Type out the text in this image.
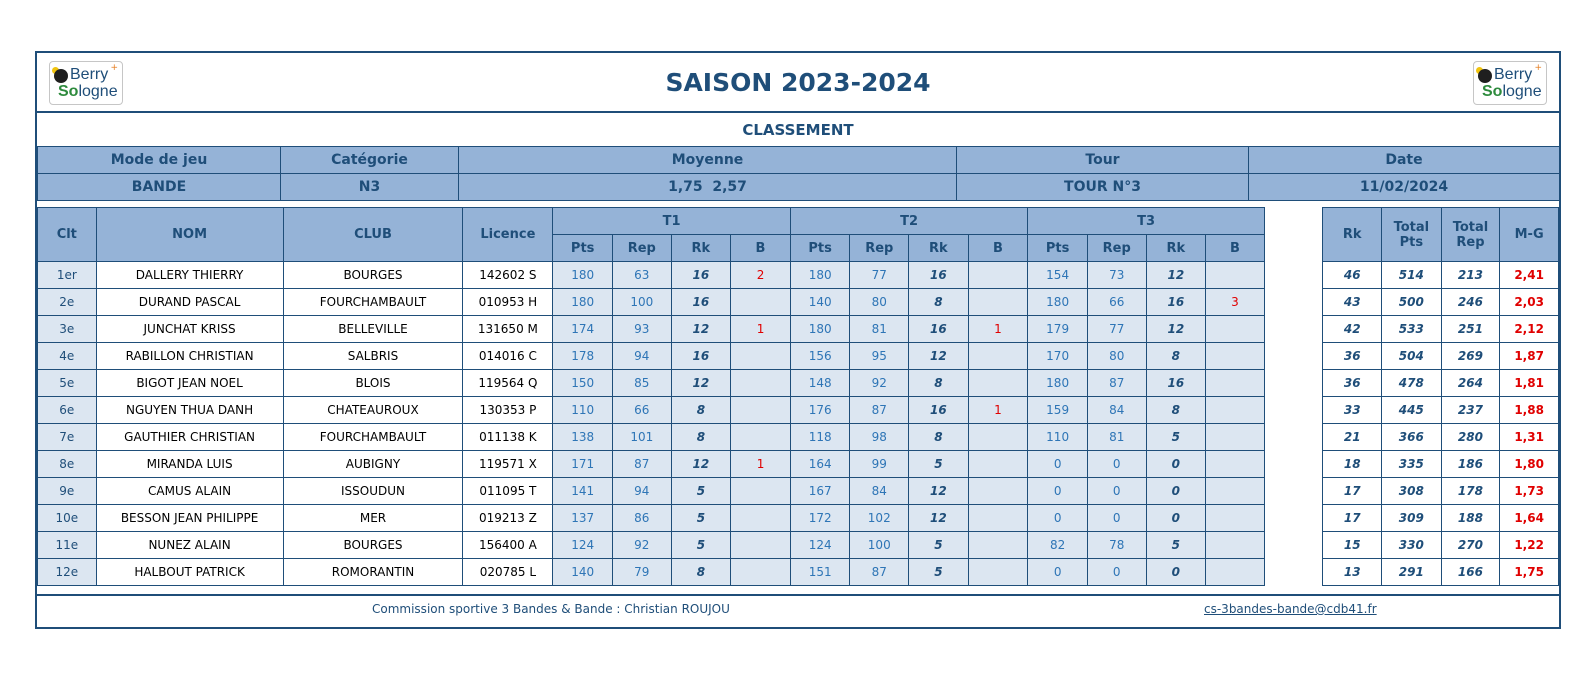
Berry
Sologne
+	SAISON 2023-2024	Berry
Sologne
+
CLASSEMENT
Mode de jeu	Catégorie	Moyenne	Tour	Date
BANDE	N3	1,75  2,57	TOUR N°3	11/02/2024
Clt	NOM	CLUB	Licence	T1				T2				T3					Rk	Total Pts	Total Rep	M-G
				Pts	Rep	Rk	B	Pts	Rep	Rk	B	Pts	Rep	Rk	B					
1er	DALLERY THIERRY	BOURGES	142602 S	180	63	16	2	180	77	16		154	73	12			46	514	213	2,41
2e	DURAND PASCAL	FOURCHAMBAULT	010953 H	180	100	16		140	80	8		180	66	16	3		43	500	246	2,03
3e	JUNCHAT KRISS	BELLEVILLE	131650 M	174	93	12	1	180	81	16	1	179	77	12			42	533	251	2,12
4e	RABILLON CHRISTIAN	SALBRIS	014016 C	178	94	16		156	95	12		170	80	8			36	504	269	1,87
5e	BIGOT JEAN NOEL	BLOIS	119564 Q	150	85	12		148	92	8		180	87	16			36	478	264	1,81
6e	NGUYEN THUA DANH	CHATEAUROUX	130353 P	110	66	8		176	87	16	1	159	84	8			33	445	237	1,88
7e	GAUTHIER CHRISTIAN	FOURCHAMBAULT	011138 K	138	101	8		118	98	8		110	81	5			21	366	280	1,31
8e	MIRANDA LUIS	AUBIGNY	119571 X	171	87	12	1	164	99	5		0	0	0			18	335	186	1,80
9e	CAMUS ALAIN	ISSOUDUN	011095 T	141	94	5		167	84	12		0	0	0			17	308	178	1,73
10e	BESSON JEAN PHILIPPE	MER	019213 Z	137	86	5		172	102	12		0	0	0			17	309	188	1,64
11e	NUNEZ ALAIN	BOURGES	156400 A	124	92	5		124	100	5		82	78	5			15	330	270	1,22
12e	HALBOUT PATRICK	ROMORANTIN	020785 L	140	79	8		151	87	5		0	0	0			13	291	166	1,75
Commission sportive 3 Bandes & Bande : Christian ROUJOU	cs-3bandes-bande@cdb41.fr
